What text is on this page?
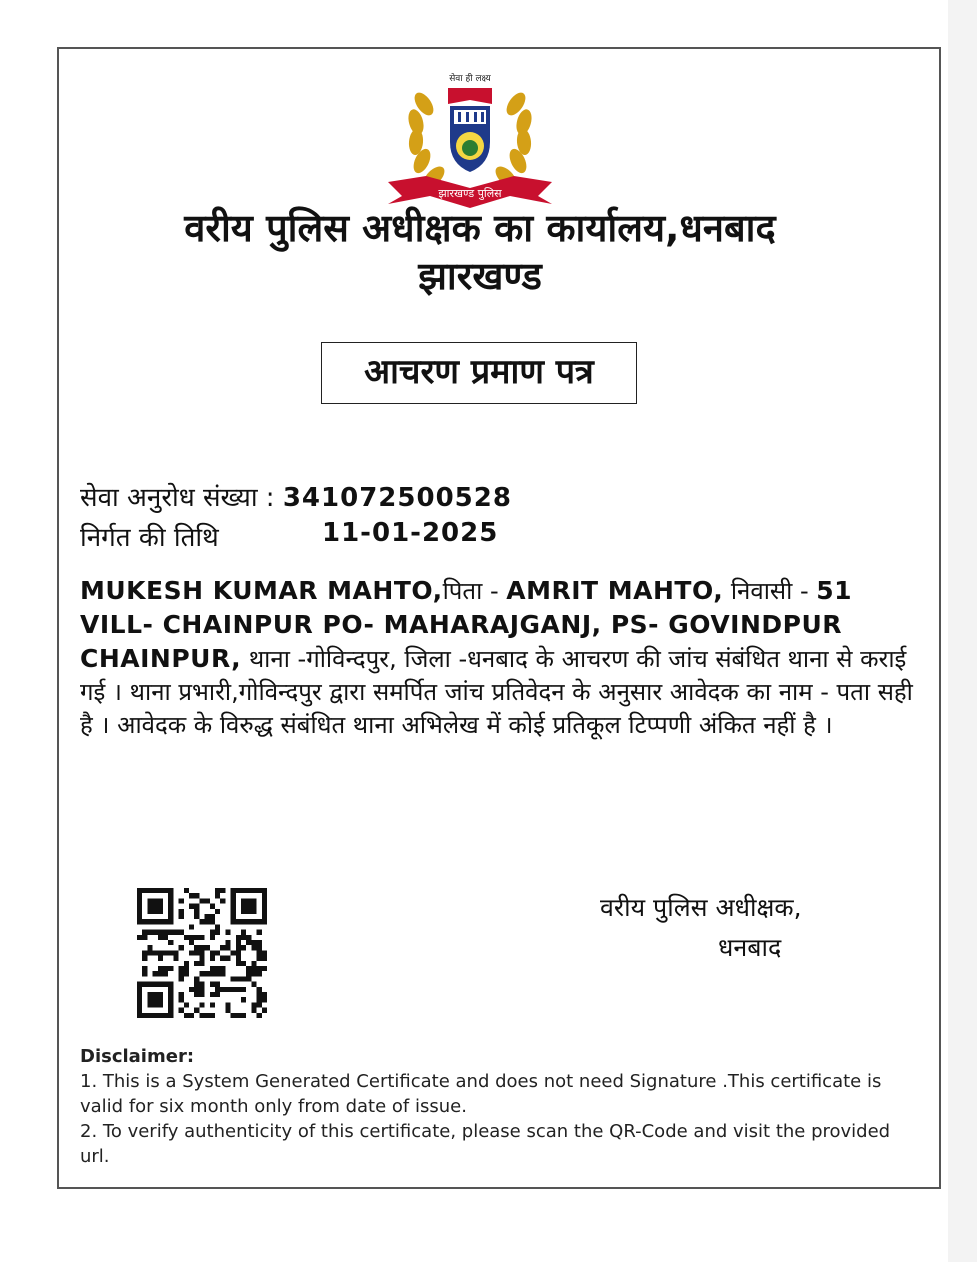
सेवा ही लक्ष्य
झारखण्ड पुलिस
वरीय पुलिस अधीक्षक का कार्यालय,धनबाद
झारखण्ड
आचरण प्रमाण पत्र
सेवा अनुरोध संख्या : 341072500528
निर्गत की तिथि	11-01-2025
MUKESH KUMAR MAHTO,पिता - AMRIT MAHTO, निवासी - 51 VILL- CHAINPUR PO- MAHARAJGANJ, PS- GOVINDPUR CHAINPUR, थाना -गोविन्दपुर, जिला -धनबाद के आचरण की जांच संबंधित थाना से कराई गई । थाना प्रभारी,गोविन्दपुर द्वारा समर्पित जांच प्रतिवेदन के अनुसार आवेदक का नाम - पता सही है । आवेदक के विरुद्ध संबंधित थाना अभिलेख में कोई प्रतिकूल टिप्पणी अंकित नहीं है ।
वरीय पुलिस अधीक्षक,
धनबाद
Disclaimer:
1. This is a System Generated Certificate and does not need Signature .This certificate is valid for six month only from date of issue.
2. To verify authenticity of this certificate, please scan the QR-Code and visit the provided url.
